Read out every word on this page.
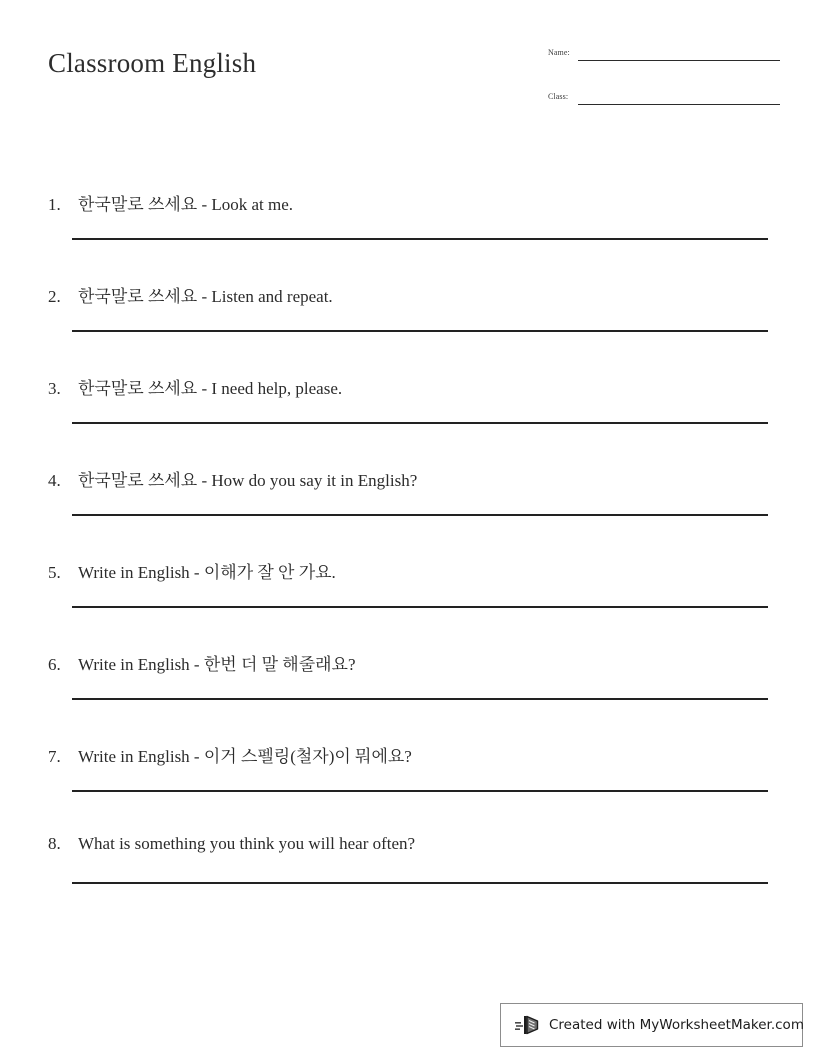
Classroom English	Name:
Class:
1.	한국말로 쓰세요 - Look at me.
2.	한국말로 쓰세요 - Listen and repeat.
3.	한국말로 쓰세요 - I need help, please.
4.	한국말로 쓰세요 - How do you say it in English?
5.	Write in English - 이해가 잘 안 가요.
6.	Write in English - 한번 더 말 해줄래요?
7.	Write in English - 이거 스펠링(철자)이 뭐에요?
8.	What is something you think you will hear often?
Created with MyWorksheetMaker.com
